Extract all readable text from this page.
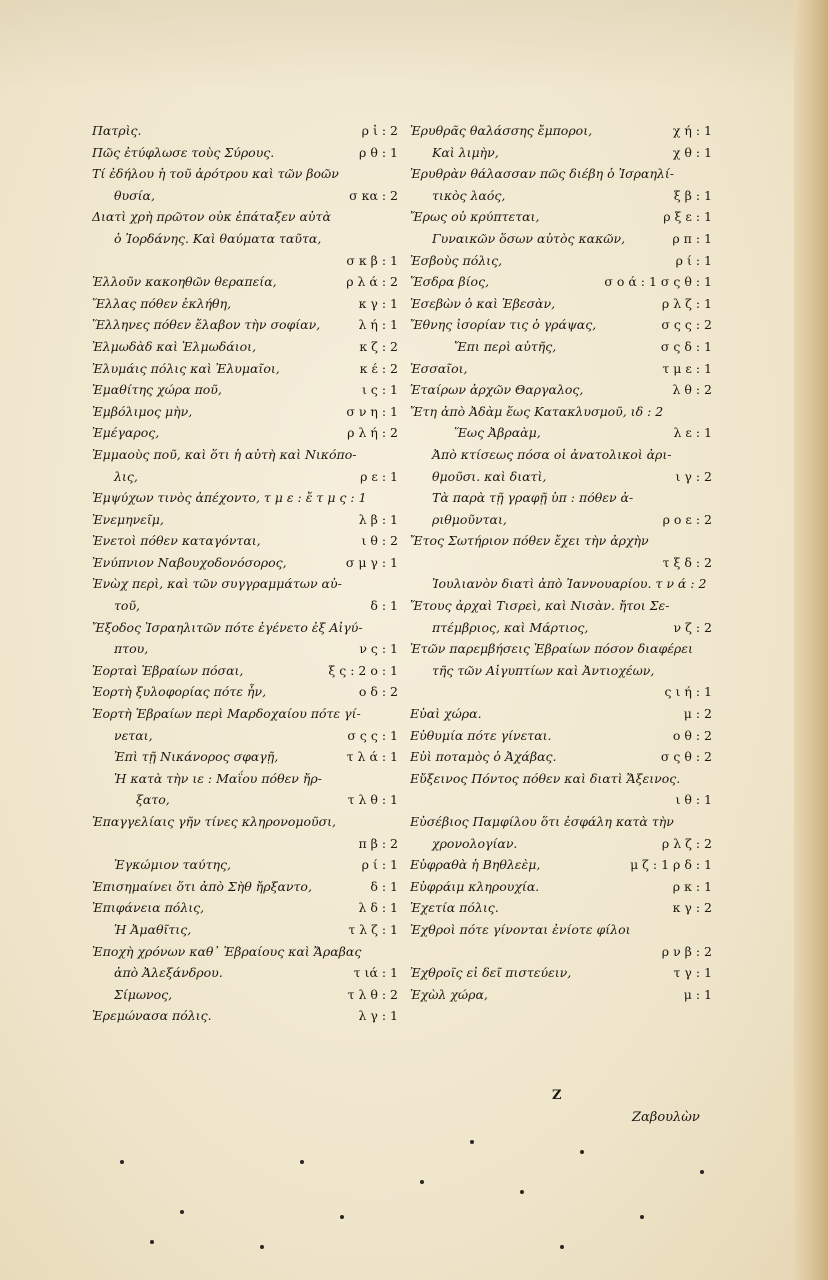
Πατρὶς.	ρ ἱ : 2
Πῶς ἐτύφλωσε τοὺς Σύρους.	ρ θ : 1
Τί ἐδήλου ἡ τοῦ ἀρότρου καὶ τῶν βοῶν
θυσία,	σ κα : 2
Διατὶ χρὴ πρῶτον οὐκ ἐπάταξεν αὐτὰ
ὁ Ἰορδάνης. Καὶ θαύματα ταῦτα,
σ κ β : 1
Ἐλλοῦν κακοηθῶν θεραπεία,	ρ λ ά : 2
Ἕλλας πόθεν ἐκλήθη,	κ γ : 1
Ἕλληνες πόθεν ἔλαβον τὴν σοφίαν,	λ ή : 1
Ἐλμωδὰδ καὶ Ἐλμωδάιοι,	κ ζ : 2
Ἐλυμάις πόλις καὶ Ἐλυμαῖοι,	κ έ : 2
Ἐμαθίτης χώρα ποῦ,	ι ς : 1
Ἐμβόλιμος μὴν,	σ ν η : 1
Ἐμέγαρος,	ρ λ ή : 2
Ἐμμαοὺς ποῦ, καὶ ὅτι ἡ αὐτὴ καὶ Νικόπο-
λις,	ρ ε : 1
Ἐμψύχων τινὸς ἀπέχοντο, τ μ ε : ἔ τ μ ς : 1
Ἐνεμηνεῖμ,	λ β : 1
Ἐνετοὶ πόθεν καταγόνται,	ι θ : 2
Ἐνύπνιον Ναβουχοδονόσορος,	σ μ γ : 1
Ἐνὼχ περὶ, καὶ τῶν συγγραμμάτων αὐ-
τοῦ,	δ : 1
Ἔξοδος Ἰσραηλιτῶν πότε ἐγένετο ἐξ Αἰγύ-
πτου,	ν ς : 1
Ἑορταὶ Ἑβραίων πόσαι,	ξ ς : 2 ο : 1
Ἑορτὴ ξυλοφορίας πότε ἦν,	ο δ : 2
Ἑορτὴ Ἑβραίων περὶ Μαρδοχαίου πότε γί-
νεται,	σ ς ς : 1
Ἐπὶ τῇ Νικάνορος σφαγῇ,	τ λ ά : 1
Ἡ κατὰ τὴν ιε : Μαΐου πόθεν ἤρ-
ξατο,	τ λ θ : 1
Ἐπαγγελίαις γῆν τίνες κληρονομοῦσι,
π β : 2
Ἐγκώμιον ταύτης,	ρ ί : 1
Ἐπισημαίνει ὅτι ἀπὸ Σὴθ ἤρξαντο,	δ : 1
Ἐπιφάνεια πόλις,	λ δ : 1
Ἡ Ἀμαθῖτις,	τ λ ζ : 1
Ἐποχὴ χρόνων καθ᾽ Ἑβραίους καὶ Ἄραβας
ἀπὸ Ἀλεξάνδρου.	τ ιά : 1
Σίμωνος,	τ λ θ : 2
Ἐρεμώνασα πόλις.	λ γ : 1
Ἐρυθρᾶς θαλάσσης ἔμποροι,	χ ή : 1
Καὶ λιμὴν,	χ θ : 1
Ἐρυθρὰν θάλασσαν πῶς διέβη ὁ Ἰσραηλί-
τικὸς λαός,	ξ β : 1
Ἔρως οὐ κρύπτεται,	ρ ξ ε : 1
Γυναικῶν ὅσων αὐτὸς κακῶν,	ρ π : 1
Ἐσβοὺς πόλις,	ρ ί : 1
Ἔσδρα βίος,	σ ο ά : 1 σ ς θ : 1
Ἐσεβὼν ὁ καὶ Ἐβεσὰν,	ρ λ ζ : 1
Ἔθνης ἰσορίαν τις ὁ γράψας,	σ ς ς : 2
Ἔπι περὶ αὐτῆς,	σ ς δ : 1
Ἐσσαῖοι,	τ μ ε : 1
Ἑταίρων ἀρχῶν Θαργαλος,	λ θ : 2
Ἔτη ἀπὸ Ἀδὰμ ἕως Κατακλυσμοῦ, ιδ : 2
Ἕως Ἀβραὰμ,	λ ε : 1
Ἀπὸ κτίσεως πόσα οἱ ἀνατολικοὶ ἀρι-
θμοῦσι. καὶ διατὶ,	ι γ : 2
Τὰ παρὰ τῇ γραφῇ ὑπ : πόθεν ἀ-
ριθμοῦνται,	ρ ο ε : 2
Ἔτος Σωτήριον πόθεν ἔχει τὴν ἀρχὴν
τ ξ δ : 2
Ἰουλιανὸν διατὶ ἀπὸ Ἰαννουαρίου. τ ν ά : 2
Ἔτους ἀρχαὶ Τισρεὶ, καὶ Νισὰν. ἤτοι Σε-
πτέμβριος, καὶ Μάρτιος,	ν ζ : 2
Ἐτῶν παρεμβήσεις Ἑβραίων πόσον διαφέρει
τῆς τῶν Αἰγυπτίων καὶ Ἀντιοχέων,
ς ι ή : 1
Εὐαὶ χώρα.	μ : 2
Εὐθυμία πότε γίνεται.	ο θ : 2
Εὐὶ ποταμὸς ὁ Ἀχάβας.	σ ς θ : 2
Εὔξεινος Πόντος πόθεν καὶ διατὶ Ἄξεινος.
ι θ : 1
Εὐσέβιος Παμφίλου ὅτι ἐσφάλη κατὰ τὴν
χρονολογίαν.	ρ λ ζ : 2
Εὐφραθὰ ἡ Βηθλεὲμ,	μ ζ : 1 ρ δ : 1
Εὐφράιμ κληρουχία.	ρ κ : 1
Ἐχετία πόλις.	κ γ : 2
Ἐχθροὶ πότε γίνονται ἐνίοτε φίλοι
ρ ν β : 2
Ἐχθροῖς εἰ δεῖ πιστεύειν,	τ γ : 1
Ἐχὼλ χώρα,	μ : 1
Z
Ζαβουλὼν
